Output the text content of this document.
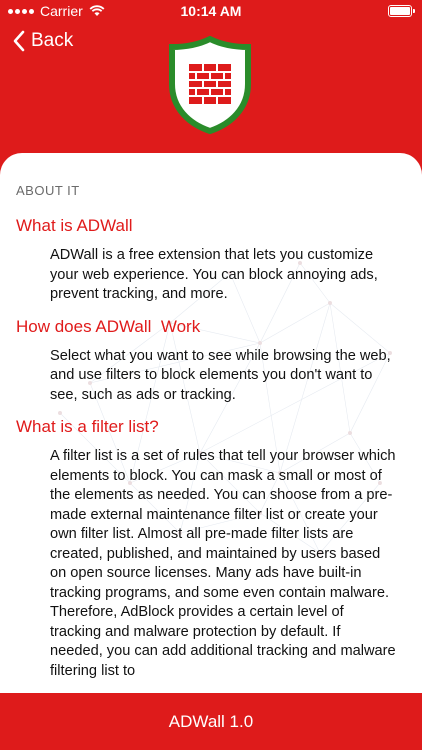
Carrier	10:14 AM
Back
ABOUT IT
What is ADWall
ADWall is a free extension that lets you customize your web experience. You can block annoying ads, prevent tracking, and more.
How does ADWall  Work
Select what you want to see while browsing the web, and use filters to block elements you don't want to see, such as ads or tracking.
What is a filter list?
A filter list is a set of rules that tell your browser which elements to block. You can mask a small or most of the elements as needed. You can shoose from a pre-made external maintenance filter list or create your own filter list. Almost all pre-made filter lists are created, published, and maintained by users based on open source licenses. Many ads have built-in tracking programs, and some even contain malware. Therefore, AdBlock provides a certain level of tracking and malware protection by default. If needed, you can add additional tracking and malware filtering list to
ADWall 1.0
